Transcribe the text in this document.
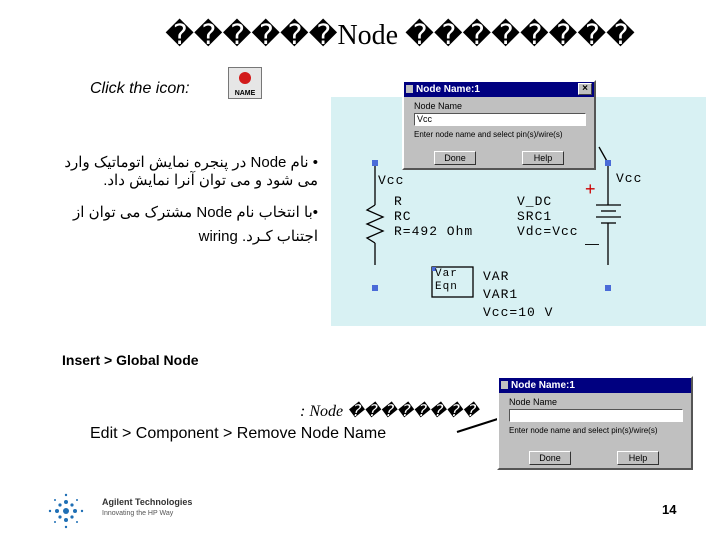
������Node ��������
Click the icon:	NAME
• نام Node در پنجره نمایش اتوماتیک وارد
می شود و می توان آنرا نمایش داد.
•با انتخاب نام Node مشترک می توان از
اجتناب کـرد. wiring
Vcc
R
RC
R=492 Ohm
V_DC
SRC1
Vdc=Vcc
Vcc
+
—
Var
Eqn
VAR
VAR1
Vcc=10 V
Node Name:1	×
Node Name
Vcc
Enter node name and select pin(s)/wire(s)
Done	Help
Insert > Global Node
: Node ��������
Edit > Component > Remove Node Name
Node Name:1
Node Name
Enter node name and select pin(s)/wire(s)
Done	Help
Agilent Technologies
Innovating the HP Way	14
